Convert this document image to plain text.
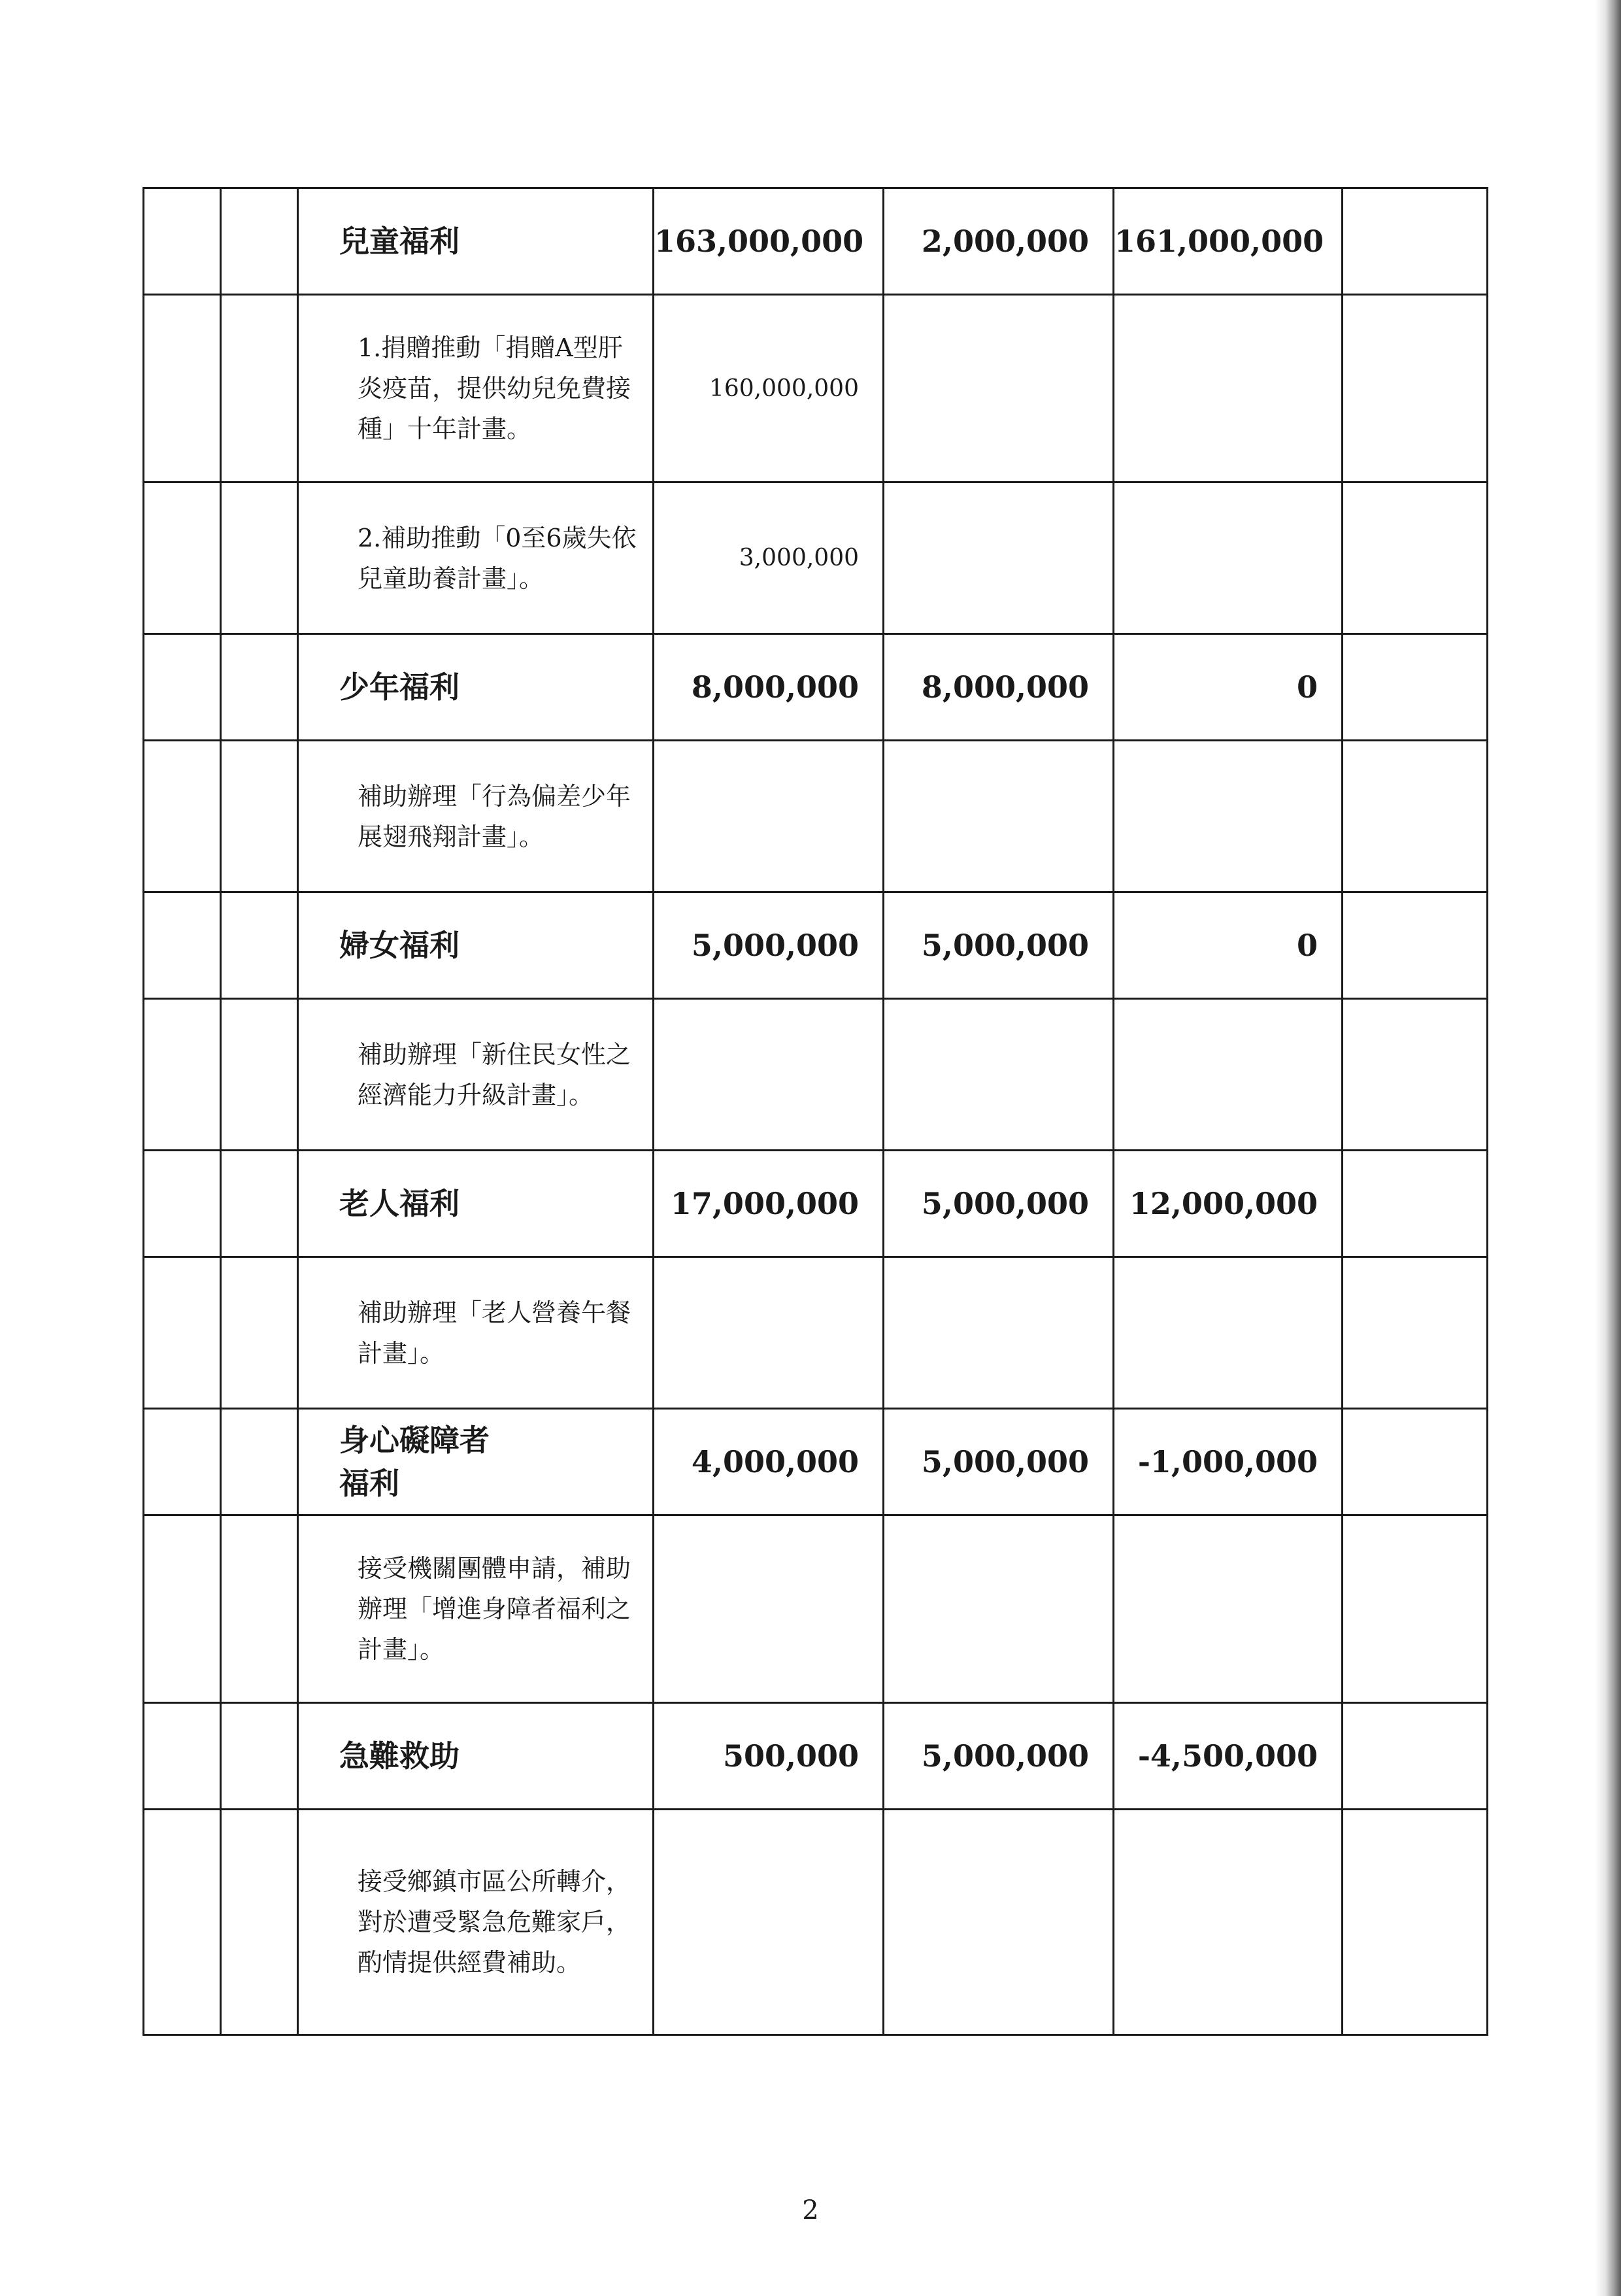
		兒童福利	163,000,000	2,000,000	161,000,000	
		1.捐贈推動「捐贈A型肝炎疫苗，提供幼兒免費接種」十年計畫。	160,000,000			
		2.補助推動「0至6歲失依兒童助養計畫」。	3,000,000			
		少年福利	8,000,000	8,000,000	0	
		補助辦理「行為偏差少年展翅飛翔計畫」。				
		婦女福利	5,000,000	5,000,000	0	
		補助辦理「新住民女性之經濟能力升級計畫」。				
		老人福利	17,000,000	5,000,000	12,000,000	
		補助辦理「老人營養午餐計畫」。				
		身心礙障者福利	4,000,000	5,000,000	-1,000,000	
		接受機關團體申請，補助辦理「增進身障者福利之計畫」。				
		急難救助	500,000	5,000,000	-4,500,000	
		接受鄉鎮市區公所轉介，對於遭受緊急危難家戶，酌情提供經費補助。				
2
